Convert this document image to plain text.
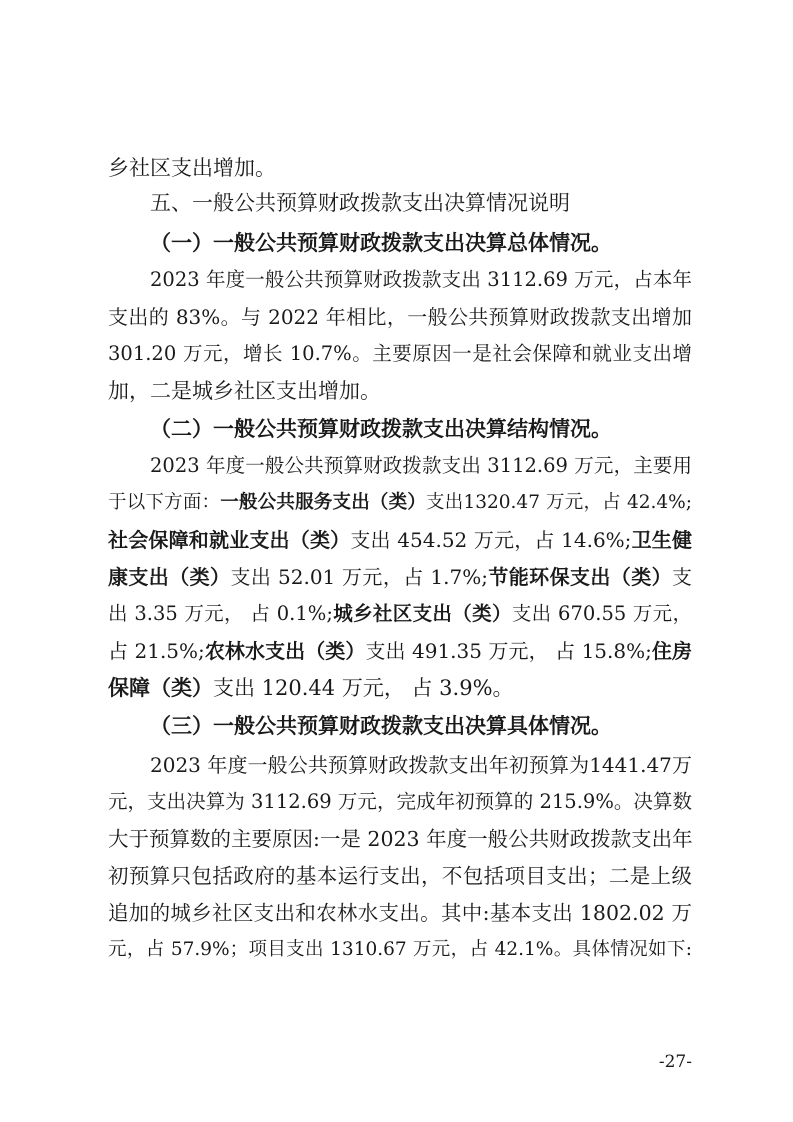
乡社区支出增加。
五、一般公共预算财政拨款支出决算情况说明
（一）一般公共预算财政拨款支出决算总体情况。
2023 年度一般公共预算财政拨款支出 3112.69 万元，占本年
支出的 83%。与 2022 年相比，一般公共预算财政拨款支出增加
301.20 万元，增长 10.7%。主要原因一是社会保障和就业支出增
加，二是城乡社区支出增加。
（二）一般公共预算财政拨款支出决算结构情况。
2023 年度一般公共预算财政拨款支出 3112.69 万元，主要用
于以下方面：一般公共服务支出（类）支出1320.47 万元，占 42.4%;
社会保障和就业支出（类）支出 454.52 万元，占 14.6%;卫生健
康支出（类）支出 52.01 万元，占 1.7%;节能环保支出（类）支
出 3.35 万元， 占 0.1%;城乡社区支出（类）支出 670.55 万元，
占 21.5%;农林水支出（类）支出 491.35 万元， 占 15.8%;住房
保障（类）支出 120.44 万元， 占 3.9%。
（三）一般公共预算财政拨款支出决算具体情况。
2023 年度一般公共预算财政拨款支出年初预算为1441.47万
元，支出决算为 3112.69 万元，完成年初预算的 215.9%。决算数
大于预算数的主要原因:一是 2023 年度一般公共财政拨款支出年
初预算只包括政府的基本运行支出，不包括项目支出；二是上级
追加的城乡社区支出和农林水支出。其中:基本支出 1802.02 万
元，占 57.9%；项目支出 1310.67 万元，占 42.1%。具体情况如下:
-27-
